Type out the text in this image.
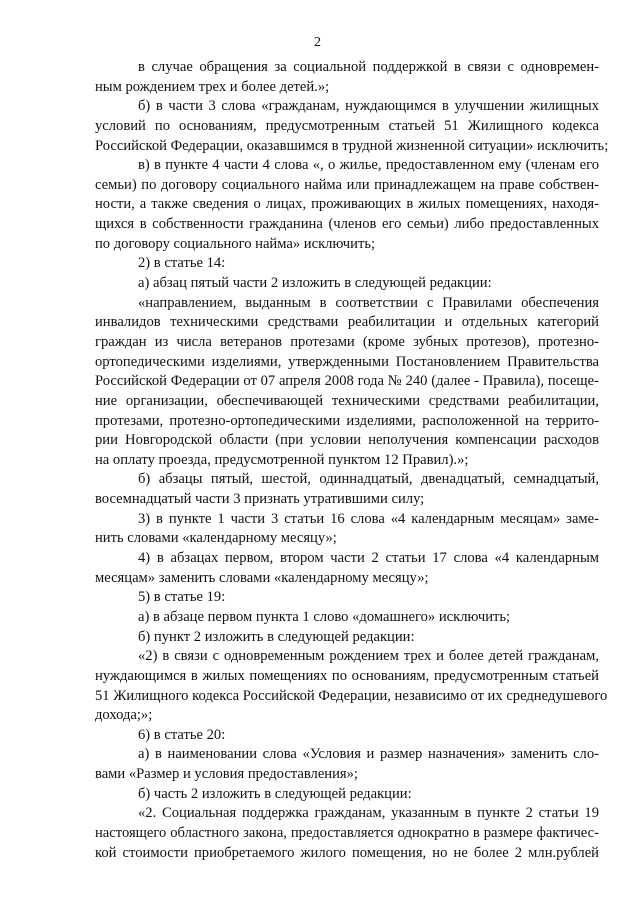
2
в случае обращения за социальной поддержкой в связи с одновремен-
ным рождением трех и более детей.»;
б) в части 3 слова «гражданам, нуждающимся в улучшении жилищных
условий по основаниям, предусмотренным статьей 51 Жилищного кодекса
Российской Федерации, оказавшимся в трудной жизненной ситуации» исключить;
в) в пункте 4 части 4 слова «, о жилье, предоставленном ему (членам его
семьи) по договору социального найма или принадлежащем на праве собствен-
ности, а также сведения о лицах, проживающих в жилых помещениях, находя-
щихся в собственности гражданина (членов его семьи) либо предоставленных
по договору социального найма» исключить;
2) в статье 14:
а) абзац пятый части 2 изложить в следующей редакции:
«направлением, выданным в соответствии с Правилами обеспечения
инвалидов техническими средствами реабилитации и отдельных категорий
граждан из числа ветеранов протезами (кроме зубных протезов), протезно-
ортопедическими изделиями, утвержденными Постановлением Правительства
Российской Федерации от 07 апреля 2008 года № 240 (далее - Правила), посеще-
ние организации, обеспечивающей техническими средствами реабилитации,
протезами, протезно-ортопедическими изделиями, расположенной на террито-
рии Новгородской области (при условии неполучения компенсации расходов
на оплату проезда, предусмотренной пунктом 12 Правил).»;
б) абзацы пятый, шестой, одиннадцатый, двенадцатый, семнадцатый,
восемнадцатый части 3 признать утратившими силу;
3) в пункте 1 части 3 статьи 16 слова «4 календарным месяцам» заме-
нить словами «календарному месяцу»;
4) в абзацах первом, втором части 2 статьи 17 слова «4 календарным
месяцам» заменить словами «календарному месяцу»;
5) в статье 19:
а) в абзаце первом пункта 1 слово «домашнего» исключить;
б) пункт 2 изложить в следующей редакции:
«2) в связи с одновременным рождением трех и более детей гражданам,
нуждающимся в жилых помещениях по основаниям, предусмотренным статьей
51 Жилищного кодекса Российской Федерации, независимо от их среднедушевого
дохода;»;
6) в статье 20:
а) в наименовании слова «Условия и размер назначения» заменить сло-
вами «Размер и условия предоставления»;
б) часть 2 изложить в следующей редакции:
«2. Социальная поддержка гражданам, указанным в пункте 2 статьи 19
настоящего областного закона, предоставляется однократно в размере фактичес-
кой стоимости приобретаемого жилого помещения, но не более 2 млн.рублей
